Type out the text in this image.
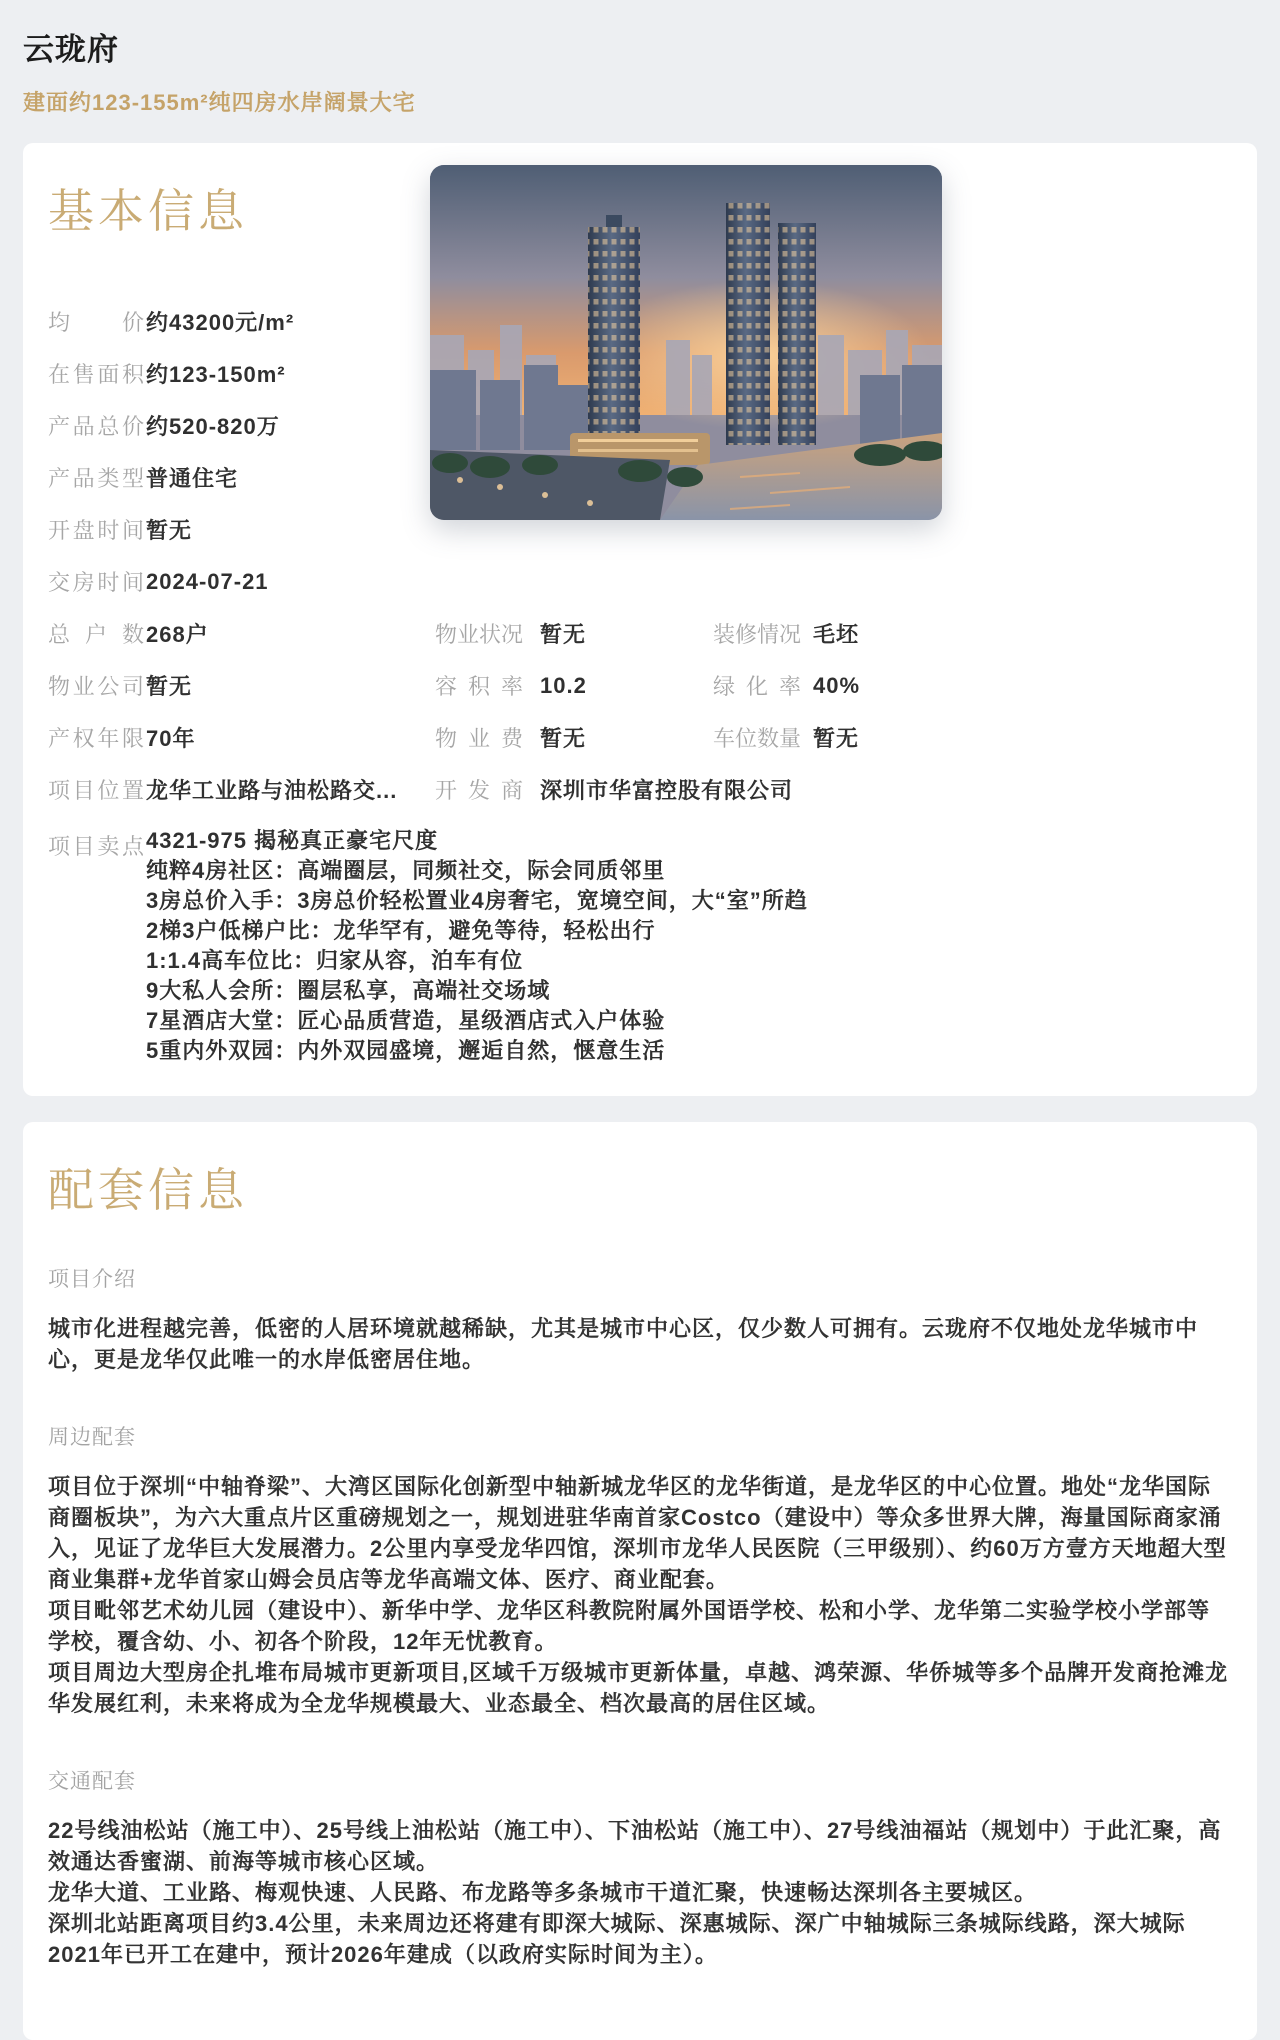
云珑府
建面约123-155m²纯四房水岸阔景大宅
基本信息
均价 约43200元/m²
在售面积 约123-150m²
产品总价 约520-820万
产品类型 普通住宅
开盘时间 暂无
交房时间 2024-07-21
总户数 268户	物业状况 暂无	装修情况 毛坯
物业公司 暂无	容积率 10.2	绿化率 40%
产权年限 70年	物业费 暂无	车位数量 暂无
项目位置 龙华工业路与油松路交... 开发商 深圳市华富控股有限公司
项目卖点 4321-975 揭秘真正豪宅尺度
纯粹4房社区：高端圈层，同频社交，际会同质邻里
3房总价入手：3房总价轻松置业4房奢宅，宽境空间，大“室”所趋
2梯3户低梯户比：龙华罕有，避免等待，轻松出行
1:1.4高车位比：归家从容，泊车有位
9大私人会所：圈层私享，高端社交场域
7星酒店大堂：匠心品质营造，星级酒店式入户体验
5重内外双园：内外双园盛境，邂逅自然，惬意生活
配套信息
项目介绍

城市化进程越完善，低密的人居环境就越稀缺，尤其是城市中心区，仅少数人可拥有。云珑府不仅地处龙华城市中心，更是龙华仅此唯一的水岸低密居住地。

周边配套

项目位于深圳“中轴脊梁”、大湾区国际化创新型中轴新城龙华区的龙华街道，是龙华区的中心位置。地处“龙华国际商圈板块”，为六大重点片区重磅规划之一，规划进驻华南首家Costco（建设中）等众多世界大牌，海量国际商家涌入，见证了龙华巨大发展潜力。2公里内享受龙华四馆，深圳市龙华人民医院（三甲级别）、约60万方壹方天地超大型商业集群+龙华首家山姆会员店等龙华高端文体、医疗、商业配套。

项目毗邻艺术幼儿园（建设中）、新华中学、龙华区科教院附属外国语学校、松和小学、龙华第二实验学校小学部等学校，覆含幼、小、初各个阶段，12年无忧教育。

项目周边大型房企扎堆布局城市更新项目,区域千万级城市更新体量，卓越、鸿荣源、华侨城等多个品牌开发商抢滩龙华发展红利，未来将成为全龙华规模最大、业态最全、档次最高的居住区域。

交通配套

22号线油松站（施工中）、25号线上油松站（施工中）、下油松站（施工中）、27号线油福站（规划中）于此汇聚，高效通达香蜜湖、前海等城市核心区域。

龙华大道、工业路、梅观快速、人民路、布龙路等多条城市干道汇聚，快速畅达深圳各主要城区。

深圳北站距离项目约3.4公里，未来周边还将建有即深大城际、深惠城际、深广中轴城际三条城际线路，深大城际2021年已开工在建中，预计2026年建成（以政府实际时间为主）。
